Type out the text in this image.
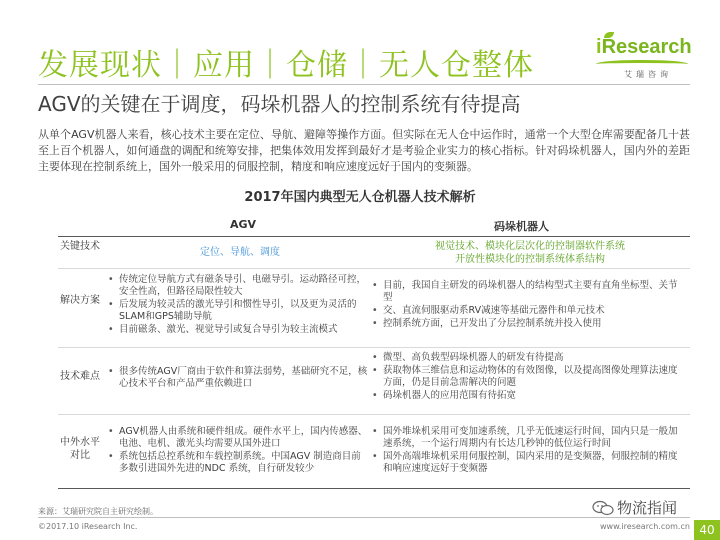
发展现状｜应用｜仓储｜无人仓整体
iResearch
艾瑞咨询
AGV的关键在于调度，码垛机器人的控制系统有待提高

从单个AGV机器人来看，核心技术主要在定位、导航、避障等操作方面。但实际在无人仓中运作时，通常一个大型仓库需要配备几十甚至上百个机器人，如何通盘的调配和统筹安排，把集体效用发挥到最好才是考验企业实力的核心指标。针对码垛机器人，国内外的差距主要体现在控制系统上，国外一般采用的伺服控制，精度和响应速度远好于国内的变频器。

2017年国内典型无人仓机器人技术解析
AGV	码垛机器人
关键技术
定位、导航、调度
视觉技术、模块化层次化的控制器软件系统
开放性模块化的控制系统体系结构
解决方案
• 传统定位导航方式有磁条导引、电磁导引。运动路径可控，安全性高，但路径局限性较大
• 后发展为较灵活的激光导引和惯性导引，以及更为灵活的SLAM和GPS辅助导航
• 目前磁条、激光、视觉导引或复合导引为较主流模式
• 目前，我国自主研发的码垛机器人的结构型式主要有直角坐标型、关节型
• 交、直流伺服驱动系RV减速等基础元器件和单元技术
• 控制系统方面，已开发出了分层控制系统并投入使用
技术难点
•	很多传统AGV厂商由于软件和算法弱势，基础研究不足，核心技术平台和产品严重依赖进口
• 微型、高负载型码垛机器人的研发有待提高
• 获取物体三维信息和运动物体的有效图像，以及提高图像处理算法速度方面，仍是目前急需解决的问题
• 码垛机器人的应用范围有待拓宽
中外水平对比
• AGV机器人由系统和硬件组成。硬件水平上，国内传感器、电池、电机、激光头均需要从国外进口
• 系统包括总控系统和车载控制系统。中国AGV 制造商目前多数引进国外先进的NDC 系统，自行研发较少
• 国外堆垛机采用可变加速系统，几乎无低速运行时间，国内只是一般加速系统，一个运行周期内有长达几秒钟的低位运行时间
• 国外高端堆垛机采用伺服控制，国内采用的是变频器，伺服控制的精度和响应速度远好于变频器
来源：艾瑞研究院自主研究绘制。	物流指闻
©2017.10 iResearch Inc.	www.iresearch.com.cn 40
